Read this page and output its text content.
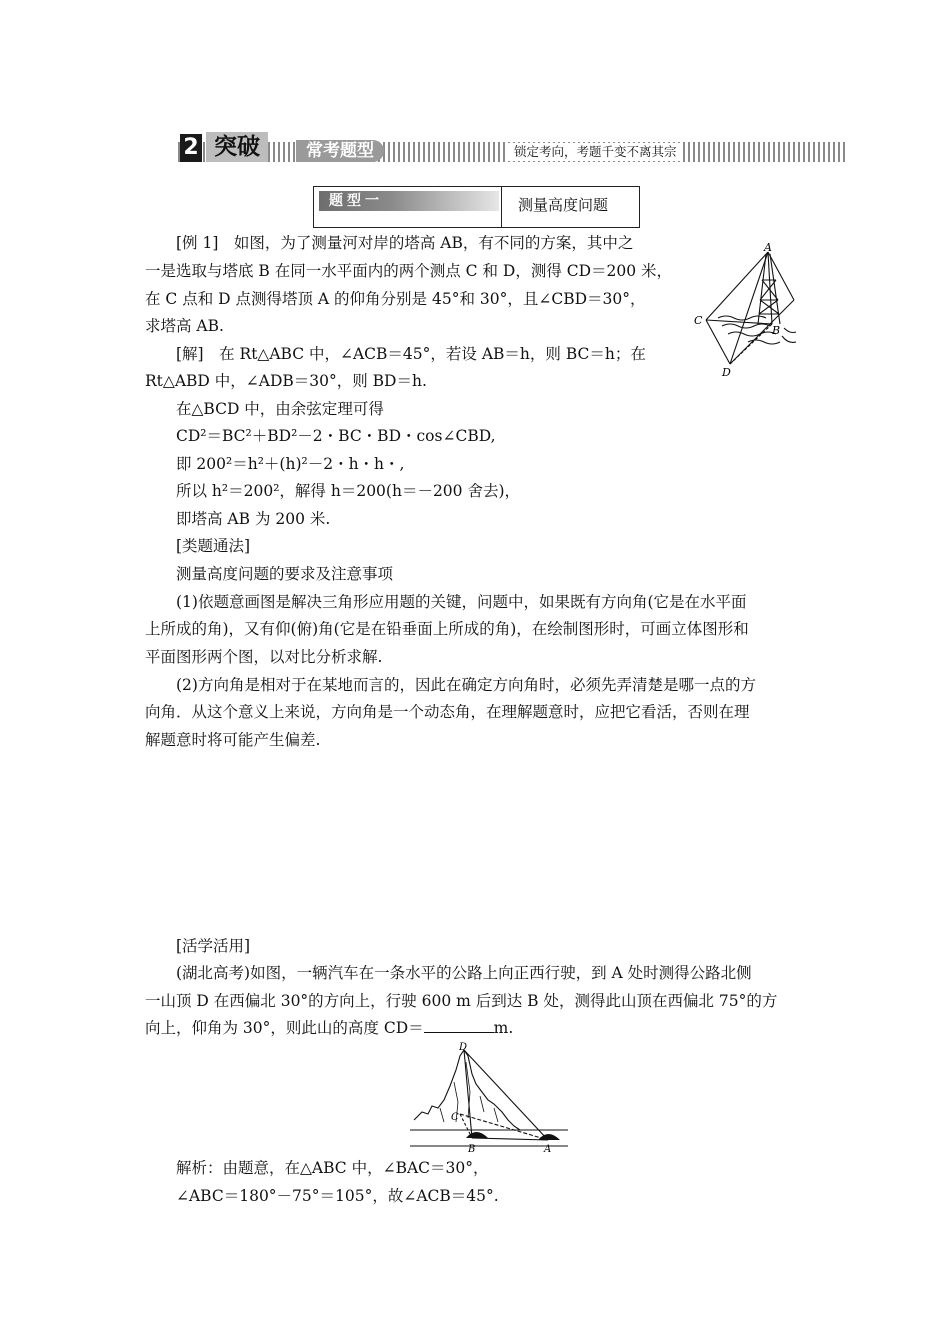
2 突破	常考题型	锁定考向，考题千变不离其宗
题型一	测量高度问题
[例 1]　如图，为了测量河对岸的塔高 AB，有不同的方案，其中之
一是选取与塔底 B 在同一水平面内的两个测点 C 和 D，测得 CD＝200 米，
在 C 点和 D 点测得塔顶 A 的仰角分别是 45°和 30°，且∠CBD＝30°，
求塔高 AB.
A
C
B
D
[解]　在 Rt△ABC 中，∠ACB＝45°，若设 AB＝h，则 BC＝h；在
Rt△ABD 中，∠ADB＝30°，则 BD＝h.
在△BCD 中，由余弦定理可得
CD²＝BC²＋BD²－2・BC・BD・cos∠CBD,
即 200²＝h²＋(h)²－2・h・h・,
所以 h²＝200²，解得 h＝200(h＝－200 舍去)，
即塔高 AB 为 200 米.
[类题通法]
测量高度问题的要求及注意事项
(1)依题意画图是解决三角形应用题的关键，问题中，如果既有方向角(它是在水平面
上所成的角)，又有仰(俯)角(它是在铅垂面上所成的角)，在绘制图形时，可画立体图形和
平面图形两个图，以对比分析求解.
(2)方向角是相对于在某地而言的，因此在确定方向角时，必须先弄清楚是哪一点的方
向角．从这个意义上来说，方向角是一个动态角，在理解题意时，应把它看活，否则在理
解题意时将可能产生偏差.
[活学活用]
(湖北高考)如图，一辆汽车在一条水平的公路上向正西行驶，到 A 处时测得公路北侧
一山顶 D 在西偏北 30°的方向上，行驶 600 m 后到达 B 处，测得此山顶在西偏北 75°的方
向上，仰角为 30°，则此山的高度 CD＝	m.
D
C
B	A
解析：由题意，在△ABC 中，∠BAC＝30°，
∠ABC＝180°－75°＝105°，故∠ACB＝45°.
